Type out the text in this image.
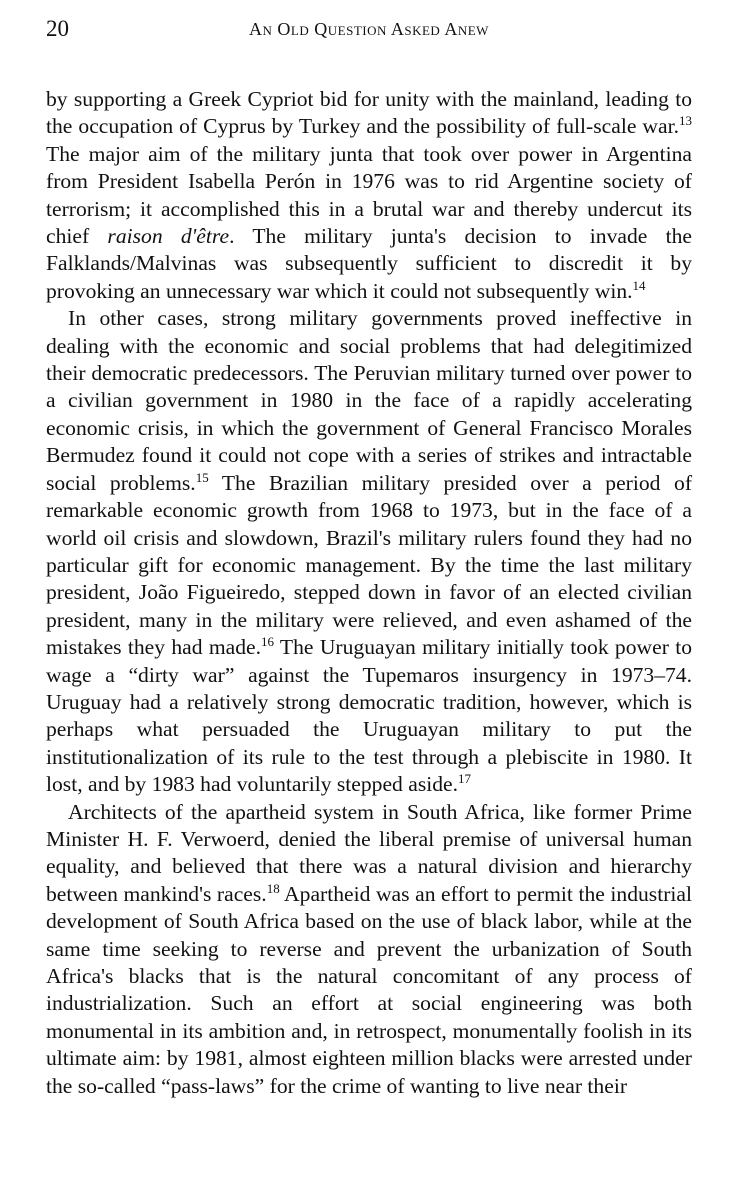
20	An Old Question Asked Anew

by supporting a Greek Cypriot bid for unity with the mainland, leading to the occupation of Cyprus by Turkey and the possibility of full-scale war.$^{13}$ The major aim of the military junta that took over power in Argentina from President Isabella Perón in 1976 was to rid Argentine society of terrorism; it accomplished this in a brutal war and thereby undercut its chief raison d'être. The military junta's decision to invade the Falklands/Malvinas was subsequently sufficient to discredit it by provoking an unnecessary war which it could not subsequently win.$^{14}$

In other cases, strong military governments proved ineffective in dealing with the economic and social problems that had delegitimized their democratic predecessors. The Peruvian military turned over power to a civilian government in 1980 in the face of a rapidly accelerating economic crisis, in which the government of General Francisco Morales Bermudez found it could not cope with a series of strikes and intractable social problems.$^{15}$ The Brazilian military presided over a period of remarkable economic growth from 1968 to 1973, but in the face of a world oil crisis and slowdown, Brazil's military rulers found they had no particular gift for economic management. By the time the last military president, João Figueiredo, stepped down in favor of an elected civilian president, many in the military were relieved, and even ashamed of the mistakes they had made.$^{16}$ The Uruguayan military initially took power to wage a “dirty war” against the Tupemaros insurgency in 1973–74. Uruguay had a relatively strong democratic tradition, however, which is perhaps what persuaded the Uruguayan military to put the institutionalization of its rule to the test through a plebiscite in 1980. It lost, and by 1983 had voluntarily stepped aside.$^{17}$

Architects of the apartheid system in South Africa, like former Prime Minister H. F. Verwoerd, denied the liberal premise of universal human equality, and believed that there was a natural division and hierarchy between mankind's races.$^{18}$ Apartheid was an effort to permit the industrial development of South Africa based on the use of black labor, while at the same time seeking to reverse and prevent the urbanization of South Africa's blacks that is the natural concomitant of any process of industrialization. Such an effort at social engineering was both monumental in its ambition and, in retrospect, monumentally foolish in its ultimate aim: by 1981, almost eighteen million blacks were arrested under the so-called “pass-laws” for the crime of wanting to live near their
